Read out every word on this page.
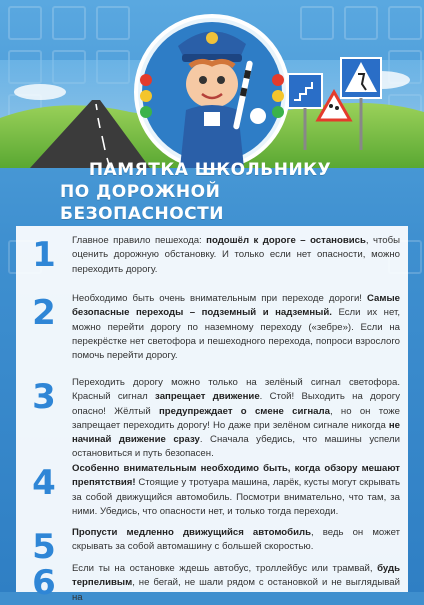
ПАМЯТКА ШКОЛЬНИКУ
ПО ДОРОЖНОЙ БЕЗОПАСНОСТИ
1	Главное правило пешехода: подошёл к дороге – остановись, чтобы оценить дорожную обстановку. И только если нет опасности, можно переходить дорогу.
2	Необходимо быть очень внимательным при переходе дороги! Самые безопасные переходы – подземный и надземный. Если их нет, можно перейти дорогу по наземному переходу («зебре»). Если на перекрёстке нет светофора и пешеходного перехода, попроси взрослого помочь перейти дорогу.
3	Переходить дорогу можно только на зелёный сигнал светофора. Красный сигнал запрещает движение. Стой! Выходить на дорогу опасно! Жёлтый предупреждает о смене сигнала, но он тоже запрещает переходить дорогу! Но даже при зелёном сигнале никогда не начинай движение сразу. Сначала убедись, что машины успели остановиться и путь безопасен.
4	Особенно внимательным необходимо быть, когда обзору мешают препятствия! Стоящие у тротуара машина, ларёк, кусты могут скрывать за собой движущийся автомобиль. Посмотри внимательно, что там, за ними. Убедись, что опасности нет, и только тогда переходи.
5	Пропусти медленно движущийся автомобиль, ведь он может скрывать за собой автомашину с большей скоростью.
6	Если ты на остановке ждешь автобус, троллейбус или трамвай, будь терпеливым, не бегай, не шали рядом с остановкой и не выглядывай на
